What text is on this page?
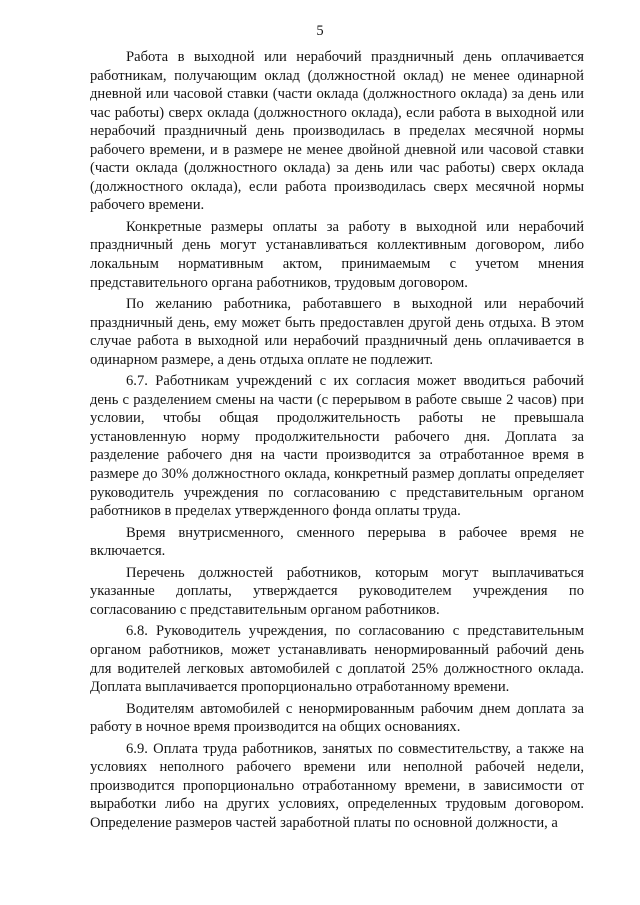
5

Работа в выходной или нерабочий праздничный день оплачивается работникам, получающим оклад (должностной оклад) не менее одинарной дневной или часовой ставки (части оклада (должностного оклада) за день или час работы) сверх оклада (должностного оклада), если работа в выходной или нерабочий праздничный день производилась в пределах месячной нормы рабочего времени, и в размере не менее двойной дневной или часовой ставки (части оклада (должностного оклада) за день или час работы) сверх оклада (должностного оклада), если работа производилась сверх месячной нормы рабочего времени.

Конкретные размеры оплаты за работу в выходной или нерабочий праздничный день могут устанавливаться коллективным договором, либо локальным нормативным актом, принимаемым с учетом мнения представительного органа работников, трудовым договором.

По желанию работника, работавшего в выходной или нерабочий праздничный день, ему может быть предоставлен другой день отдыха. В этом случае работа в выходной или нерабочий праздничный день оплачивается в одинарном размере, а день отдыха оплате не подлежит.

6.7. Работникам учреждений с их согласия может вводиться рабочий день с разделением смены на части (с перерывом в работе свыше 2 часов) при условии, чтобы общая продолжительность работы не превышала установленную норму продолжительности рабочего дня. Доплата за разделение рабочего дня на части производится за отработанное время в размере до 30% должностного оклада, конкретный размер доплаты определяет руководитель учреждения по согласованию с представительным органом работников в пределах утвержденного фонда оплаты труда.

Время внутрисменного, сменного перерыва в рабочее время не включается.

Перечень должностей работников, которым могут выплачиваться указанные доплаты, утверждается руководителем учреждения по согласованию с представительным органом работников.

6.8. Руководитель учреждения, по согласованию с представительным органом работников, может устанавливать ненормированный рабочий день для водителей легковых автомобилей с доплатой 25% должностного оклада. Доплата выплачивается пропорционально отработанному времени.

Водителям автомобилей с ненормированным рабочим днем доплата за работу в ночное время производится на общих основаниях.

6.9. Оплата труда работников, занятых по совместительству, а также на условиях неполного рабочего времени или неполной рабочей недели, производится пропорционально отработанному времени, в зависимости от выработки либо на других условиях, определенных трудовым договором. Определение размеров частей заработной платы по основной должности, а
